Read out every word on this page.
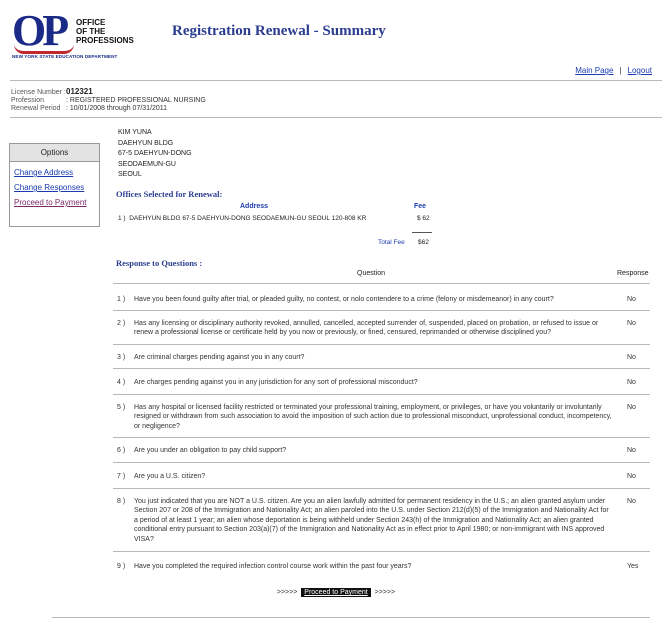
OP OFFICE
OF THE
PROFESSIONS
NEW YORK STATE EDUCATION DEPARTMENT
Registration Renewal - Summary
Main Page | Logout
License Number :012321
Profession	: REGISTERED PROFESSIONAL NURSING
Renewal Period : 10/01/2008 through 07/31/2011
Options
Change Address
Change Responses
Proceed to Payment
KIM YUNA
DAEHYUN BLDG
67-5 DAEHYUN-DONG
SEODAEMUN-GU
SEOUL
Offices Selected for Renewal:
Address	Fee
1 ) DAEHYUN BLDG 67-5 DAEHYUN-DONG SEODAEMUN-GU SEOUL 120-808 KR	$ 62
Total Fee $62
Response to Questions :
Question	Response
1 ) Have you been found guilty after trial, or pleaded guilty, no contest, or nolo contendere to a crime (felony or misdemeanor) in any court?	No
2 ) Has any licensing or disciplinary authority revoked, annulled, cancelled, accepted surrender of, suspended, placed on probation, or refused to issue or renew a professional license or certificate held by you now or previously, or fined, censured, reprimanded or otherwise disciplined you?
No
3 ) Are criminal charges pending against you in any court?	No
4 ) Are charges pending against you in any jurisdiction for any sort of professional misconduct?	No
5 ) Has any hospital or licensed facility restricted or terminated your professional training, employment, or privileges, or have you voluntarily or involuntarily resigned or withdrawn from such association to avoid the imposition of such action due to professional misconduct, unprofessional conduct, incompetency, or negligence?
No
6 ) Are you under an obligation to pay child support?	No
7 ) Are you a U.S. citizen?	No
8 ) You just indicated that you are NOT a U.S. citizen. Are you an alien lawfully admitted for permanent residency in the U.S.; an alien granted asylum under Section 207 or 208 of the Immigration and Nationality Act; an alien paroled into the U.S. under Section 212(d)(5) of the Immigration and Nationality Act for a period of at least 1 year; an alien whose deportation is being withheld under Section 243(h) of the Immigration and Nationality Act; an alien granted conditional entry pursuant to Section 203(a)(7) of the Immigration and Nationality Act as in effect prior to April 1980; or non-immigrant with INS approved VISA?
No
9 ) Have you completed the required infection control course work within the past four years?	Yes
>>>>> Proceed to Payment >>>>>
